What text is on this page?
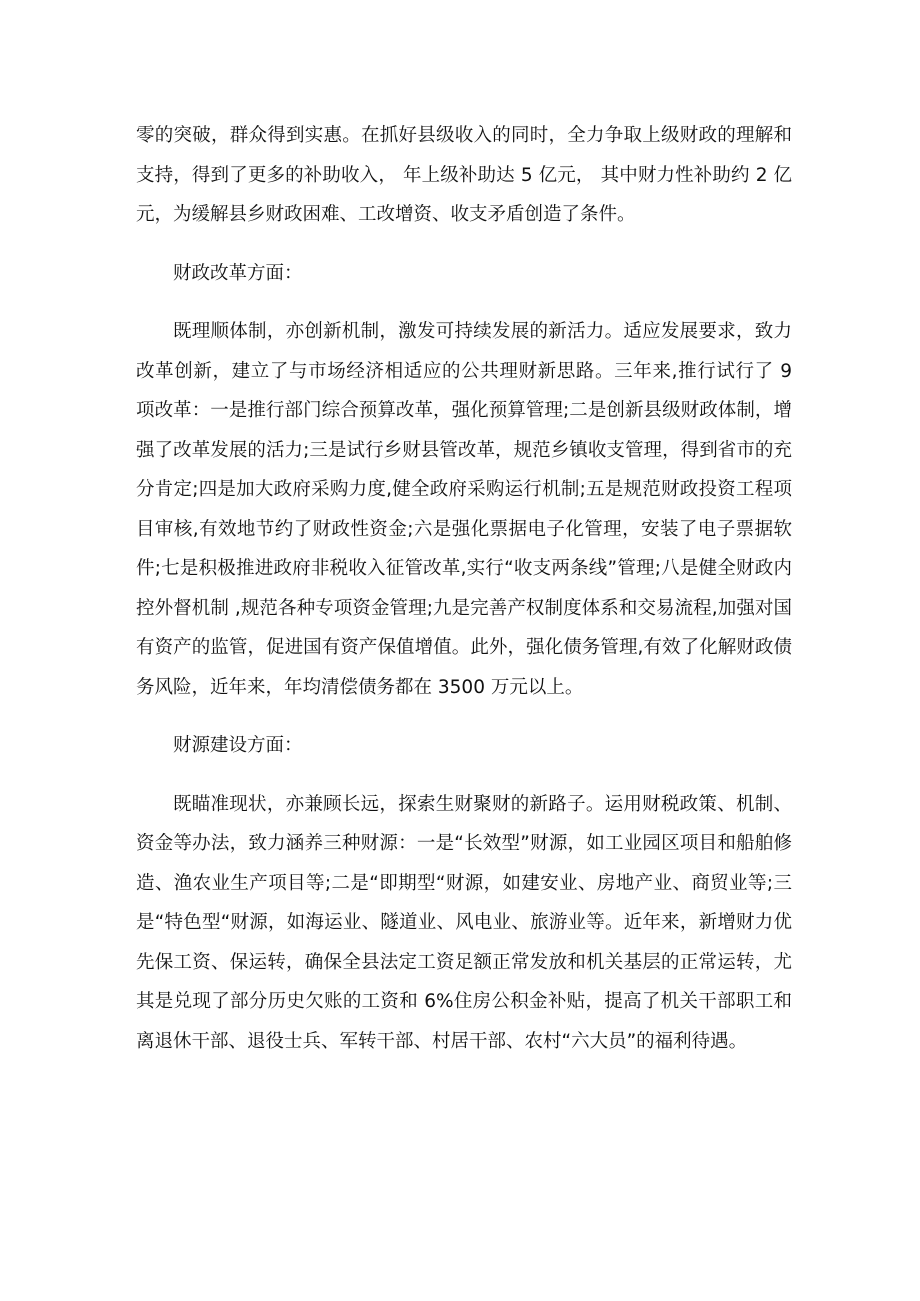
零的突破，群众得到实惠。在抓好县级收入的同时，全力争取上级财政的理解和支持，得到了更多的补助收入， 年上级补助达 5 亿元， 其中财力性补助约 2 亿元，为缓解县乡财政困难、工改增资、收支矛盾创造了条件。

财政改革方面：

既理顺体制，亦创新机制，激发可持续发展的新活力。适应发展要求，致力改革创新，建立了与市场经济相适应的公共理财新思路。三年来,推行试行了 9 项改革：一是推行部门综合预算改革，强化预算管理;二是创新县级财政体制，增强了改革发展的活力;三是试行乡财县管改革，规范乡镇收支管理，得到省市的充分肯定;四是加大政府采购力度,健全政府采购运行机制;五是规范财政投资工程项目审核,有效地节约了财政性资金;六是强化票据电子化管理，安装了电子票据软件;七是积极推进政府非税收入征管改革,实行“收支两条线”管理;八是健全财政内控外督机制 ,规范各种专项资金管理;九是完善产权制度体系和交易流程,加强对国有资产的监管，促进国有资产保值增值。此外，强化债务管理,有效了化解财政债务风险，近年来，年均清偿债务都在 3500 万元以上。

财源建设方面：

既瞄准现状，亦兼顾长远，探索生财聚财的新路子。运用财税政策、机制、资金等办法，致力涵养三种财源：一是“长效型”财源，如工业园区项目和船舶修造、渔农业生产项目等;二是“即期型“财源，如建安业、房地产业、商贸业等;三是“特色型“财源，如海运业、隧道业、风电业、旅游业等。近年来，新增财力优先保工资、保运转，确保全县法定工资足额正常发放和机关基层的正常运转，尤其是兑现了部分历史欠账的工资和 6%住房公积金补贴，提高了机关干部职工和离退休干部、退役士兵、军转干部、村居干部、农村“六大员”的福利待遇。
